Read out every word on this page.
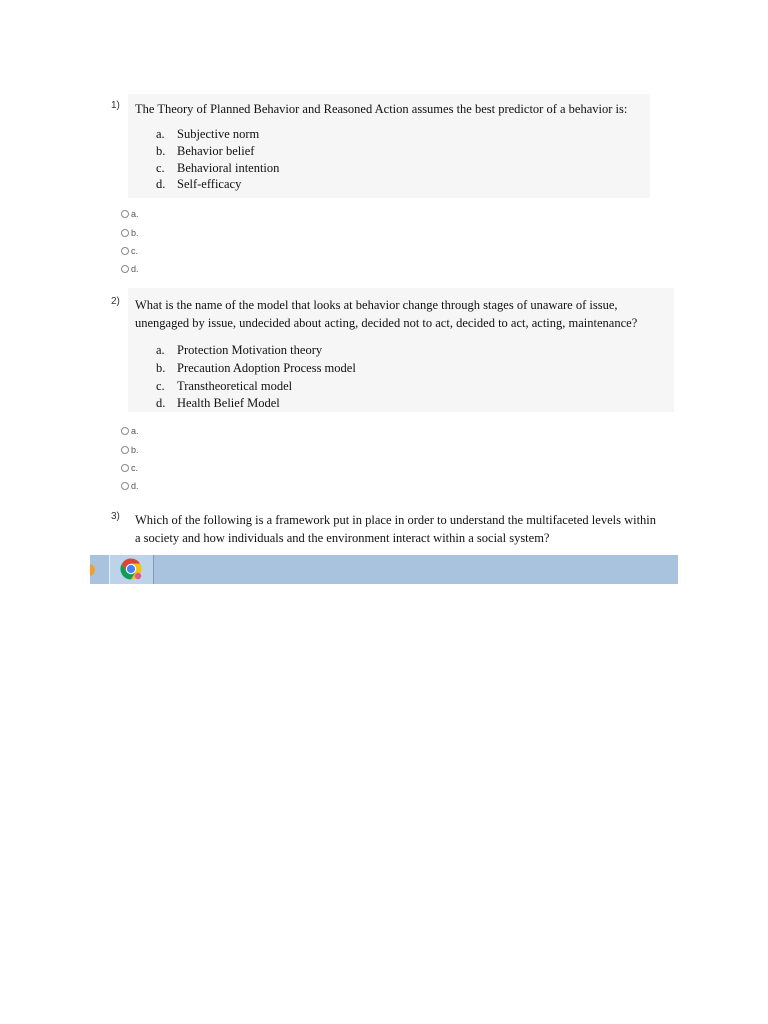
1) The Theory of Planned Behavior and Reasoned Action assumes the best predictor of a behavior is:
a. Subjective norm
b. Behavior belief
c. Behavioral intention
d. Self-efficacy
a.
b.
c.
d.
2) What is the name of the model that looks at behavior change through stages of unaware of issue,
unengaged by issue, undecided about acting, decided not to act, decided to act, acting, maintenance?
a. Protection Motivation theory
b. Precaution Adoption Process model
c. Transtheoretical model
d. Health Belief Model
a.
b.
c.
d.
3) Which of the following is a framework put in place in order to understand the multifaceted levels within
a society and how individuals and the environment interact within a social system?
